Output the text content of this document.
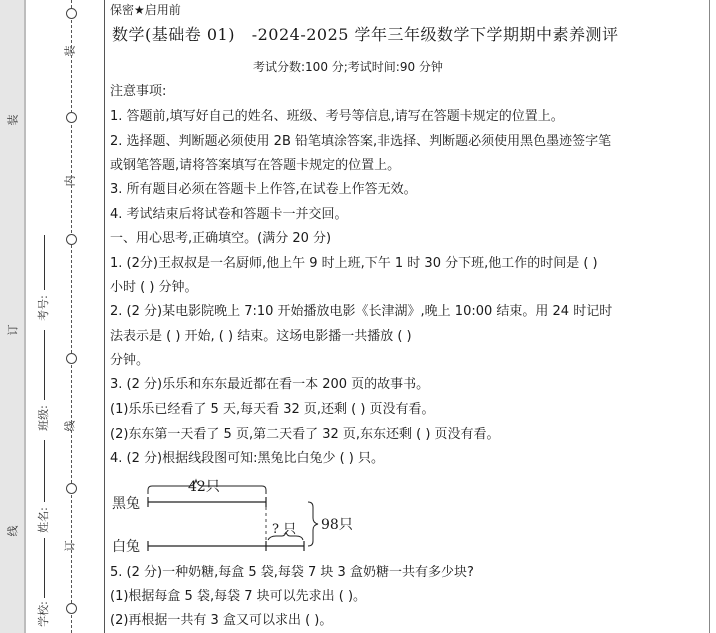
学校:
姓名:
班级:
考号:
装
订
线
装
内
线
订
保密★启用前
数学(基础卷 01) -2024-2025 学年三年级数学下学期期中素养测评
考试分数:100 分;考试时间:90 分钟
注意事项:
1. 答题前,填写好自己的姓名、班级、考号等信息,请写在答题卡规定的位置上。
2. 选择题、判断题必须使用 2B 铅笔填涂答案,非选择、判断题必须使用黑色墨迹签字笔
或钢笔答题,请将答案填写在答题卡规定的位置上。
3. 所有题目必须在答题卡上作答,在试卷上作答无效。
4. 考试结束后将试卷和答题卡一并交回。
一、用心思考,正确填空。(满分 20 分)
1. (2分)王叔叔是一名厨师,他上午 9 时上班,下午 1 时 30 分下班,他工作的时间是 ( )
小时 ( ) 分钟。
2. (2 分)某电影院晚上 7:10 开始播放电影《长津湖》,晚上 10:00 结束。用 24 时记时
法表示是 ( ) 开始, ( ) 结束。这场电影播一共播放 ( )
分钟。
3. (2 分)乐乐和东东最近都在看一本 200 页的故事书。
(1)乐乐已经看了 5 天,每天看 32 页,还剩 ( ) 页没有看。
(2)东东第一天看了 5 页,第二天看了 32 页,东东还剩 ( ) 页没有看。
4. (2 分)根据线段图可知:黑兔比白兔少 ( ) 只。
42只
黑兔
白兔
? 只 98只
5. (2 分)一种奶糖,每盒 5 袋,每袋 7 块 3 盒奶糖一共有多少块?
(1)根据每盒 5 袋,每袋 7 块可以先求出 ( )。
(2)再根据一共有 3 盒又可以求出 ( )。
